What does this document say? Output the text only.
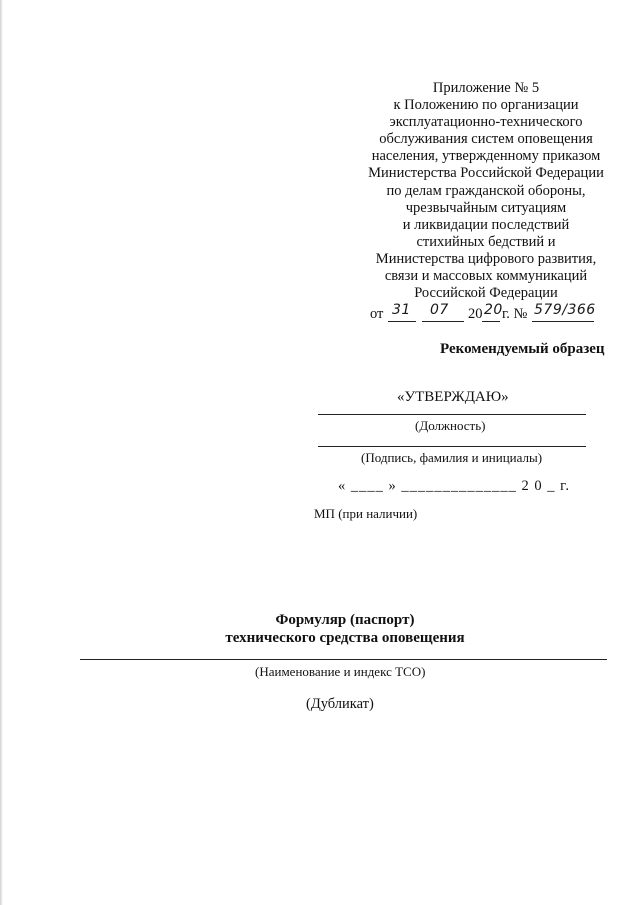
Приложение № 5
к Положению по организации
эксплуатационно-технического
обслуживания систем оповещения
населения, утвержденному приказом
Министерства Российской Федерации
по делам гражданской обороны,
чрезвычайным ситуациям
и ликвидации последствий
стихийных бедствий и
Министерства цифрового развития,
связи и массовых коммуникаций
Российской Федерации
от 31 07 20 20 г. № 579/366
Рекомендуемый образец
«УТВЕРЖДАЮ»
(Должность)
(Подпись, фамилия и инициалы)
« ____ » ______________ 2 0 _ г.
МП (при наличии)
Формуляр (паспорт)
технического средства оповещения
(Наименование и индекс ТСО)
(Дубликат)
